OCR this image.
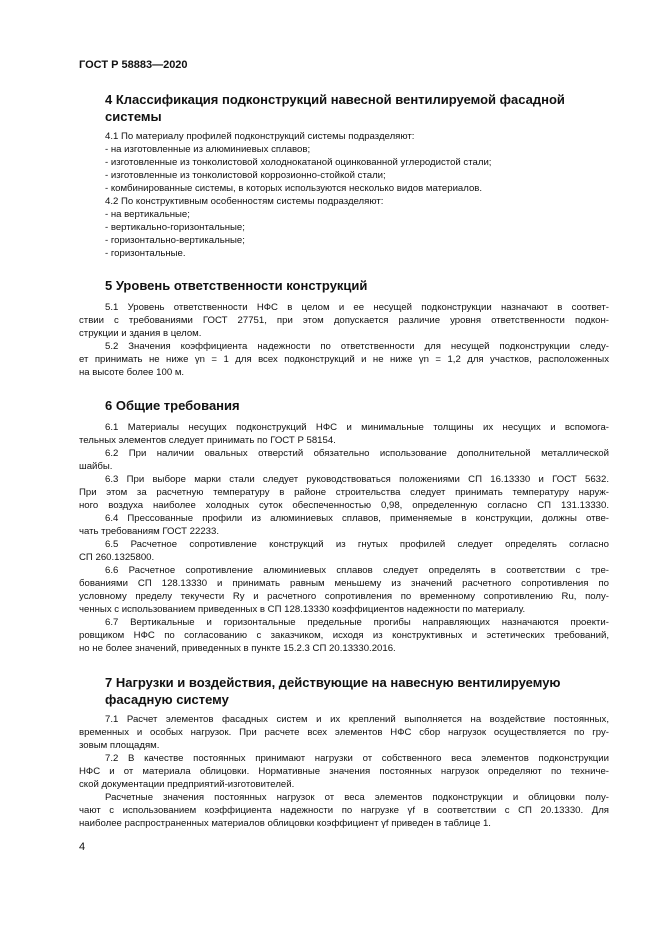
ГОСТ Р 58883—2020
4 Классификация подконструкций навесной вентилируемой фасадной
системы
4.1 По материалу профилей подконструкций системы подразделяют:
- на изготовленные из алюминиевых сплавов;
- изготовленные из тонколистовой холоднокатаной оцинкованной углеродистой стали;
- изготовленные из тонколистовой коррозионно-стойкой стали;
- комбинированные системы, в которых используются несколько видов материалов.
4.2 По конструктивным особенностям системы подразделяют:
- на вертикальные;
- вертикально-горизонтальные;
- горизонтально-вертикальные;
- горизонтальные.
5 Уровень ответственности конструкций
5.1 Уровень ответственности НФС в целом и ее несущей подконструкции назначают в соответ-
ствии с требованиями ГОСТ 27751, при этом допускается различие уровня ответственности подкон-
струкции и здания в целом.
5.2 Значения коэффициента надежности по ответственности для несущей подконструкции следу-
ет принимать не ниже γn = 1 для всех подконструкций и не ниже γn = 1,2 для участков, расположенных
на высоте более 100 м.
6 Общие требования
6.1 Материалы несущих подконструкций НФС и минимальные толщины их несущих и вспомога-
тельных элементов следует принимать по ГОСТ Р 58154.
6.2 При наличии овальных отверстий обязательно использование дополнительной металлической
шайбы.
6.3 При выборе марки стали следует руководствоваться положениями СП 16.13330 и ГОСТ 5632.
При этом за расчетную температуру в районе строительства следует принимать температуру наруж-
ного воздуха наиболее холодных суток обеспеченностью 0,98, определенную согласно СП 131.13330.
6.4 Прессованные профили из алюминиевых сплавов, применяемые в конструкции, должны отве-
чать требованиям ГОСТ 22233.
6.5 Расчетное сопротивление конструкций из гнутых профилей следует определять согласно
СП 260.1325800.
6.6 Расчетное сопротивление алюминиевых сплавов следует определять в соответствии с тре-
бованиями СП 128.13330 и принимать равным меньшему из значений расчетного сопротивления по
условному пределу текучести Ry и расчетного сопротивления по временному сопротивлению Ru, полу-
ченных с использованием приведенных в СП 128.13330 коэффициентов надежности по материалу.
6.7 Вертикальные и горизонтальные предельные прогибы направляющих назначаются проекти-
ровщиком НФС по согласованию с заказчиком, исходя из конструктивных и эстетических требований,
но не более значений, приведенных в пункте 15.2.3 СП 20.13330.2016.
7 Нагрузки и воздействия, действующие на навесную вентилируемую
фасадную систему
7.1 Расчет элементов фасадных систем и их креплений выполняется на воздействие постоянных,
временных и особых нагрузок. При расчете всех элементов НФС сбор нагрузок осуществляется по гру-
зовым площадям.
7.2 В качестве постоянных принимают нагрузки от собственного веса элементов подконструкции
НФС и от материала облицовки. Нормативные значения постоянных нагрузок определяют по техниче-
ской документации предприятий-изготовителей.
Расчетные значения постоянных нагрузок от веса элементов подконструкции и облицовки полу-
чают с использованием коэффициента надежности по нагрузке γf в соответствии с СП 20.13330. Для
наиболее распространенных материалов облицовки коэффициент γf приведен в таблице 1.
4
